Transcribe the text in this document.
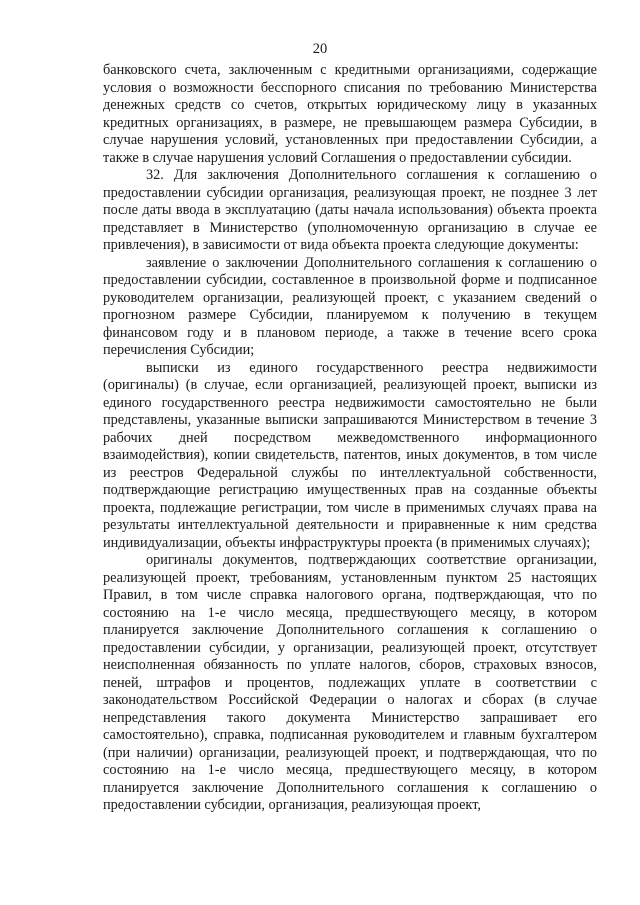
20

банковского счета, заключенным с кредитными организациями, содержащие условия о возможности бесспорного списания по требованию Министерства денежных средств со счетов, открытых юридическому лицу в указанных кредитных организациях, в размере, не превышающем размера Субсидии, в случае нарушения условий, установленных при предоставлении Субсидии, а также в случае нарушения условий Соглашения о предоставлении субсидии.

32. Для заключения Дополнительного соглашения к соглашению о предоставлении субсидии организация, реализующая проект, не позднее 3 лет после даты ввода в эксплуатацию (даты начала использования) объекта проекта представляет в Министерство (уполномоченную организацию в случае ее привлечения), в зависимости от вида объекта проекта следующие документы:

заявление о заключении Дополнительного соглашения к соглашению о предоставлении субсидии, составленное в произвольной форме и подписанное руководителем организации, реализующей проект, с указанием сведений о прогнозном размере Субсидии, планируемом к получению в текущем финансовом году и в плановом периоде, а также в течение всего срока перечисления Субсидии;

выписки из единого государственного реестра недвижимости (оригиналы) (в случае, если организацией, реализующей проект, выписки из единого государственного реестра недвижимости самостоятельно не были представлены, указанные выписки запрашиваются Министерством в течение 3 рабочих дней посредством межведомственного информационного взаимодействия), копии свидетельств, патентов, иных документов, в том числе из реестров Федеральной службы по интеллектуальной собственности, подтверждающие регистрацию имущественных прав на созданные объекты проекта, подлежащие регистрации, том числе в применимых случаях права на результаты интеллектуальной деятельности и приравненные к ним средства индивидуализации, объекты инфраструктуры проекта (в применимых случаях);

оригиналы документов, подтверждающих соответствие организации, реализующей проект, требованиям, установленным пунктом 25 настоящих Правил, в том числе справка налогового органа, подтверждающая, что по состоянию на 1-е число месяца, предшествующего месяцу, в котором планируется заключение Дополнительного соглашения к соглашению о предоставлении субсидии, у организации, реализующей проект, отсутствует неисполненная обязанность по уплате налогов, сборов, страховых взносов, пеней, штрафов и процентов, подлежащих уплате в соответствии с законодательством Российской Федерации о налогах и сборах (в случае непредставления такого документа Министерство запрашивает его самостоятельно), справка, подписанная руководителем и главным бухгалтером (при наличии) организации, реализующей проект, и подтверждающая, что по состоянию на 1-е число месяца, предшествующего месяцу, в котором планируется заключение Дополнительного соглашения к соглашению о предоставлении субсидии, организация, реализующая проект,
